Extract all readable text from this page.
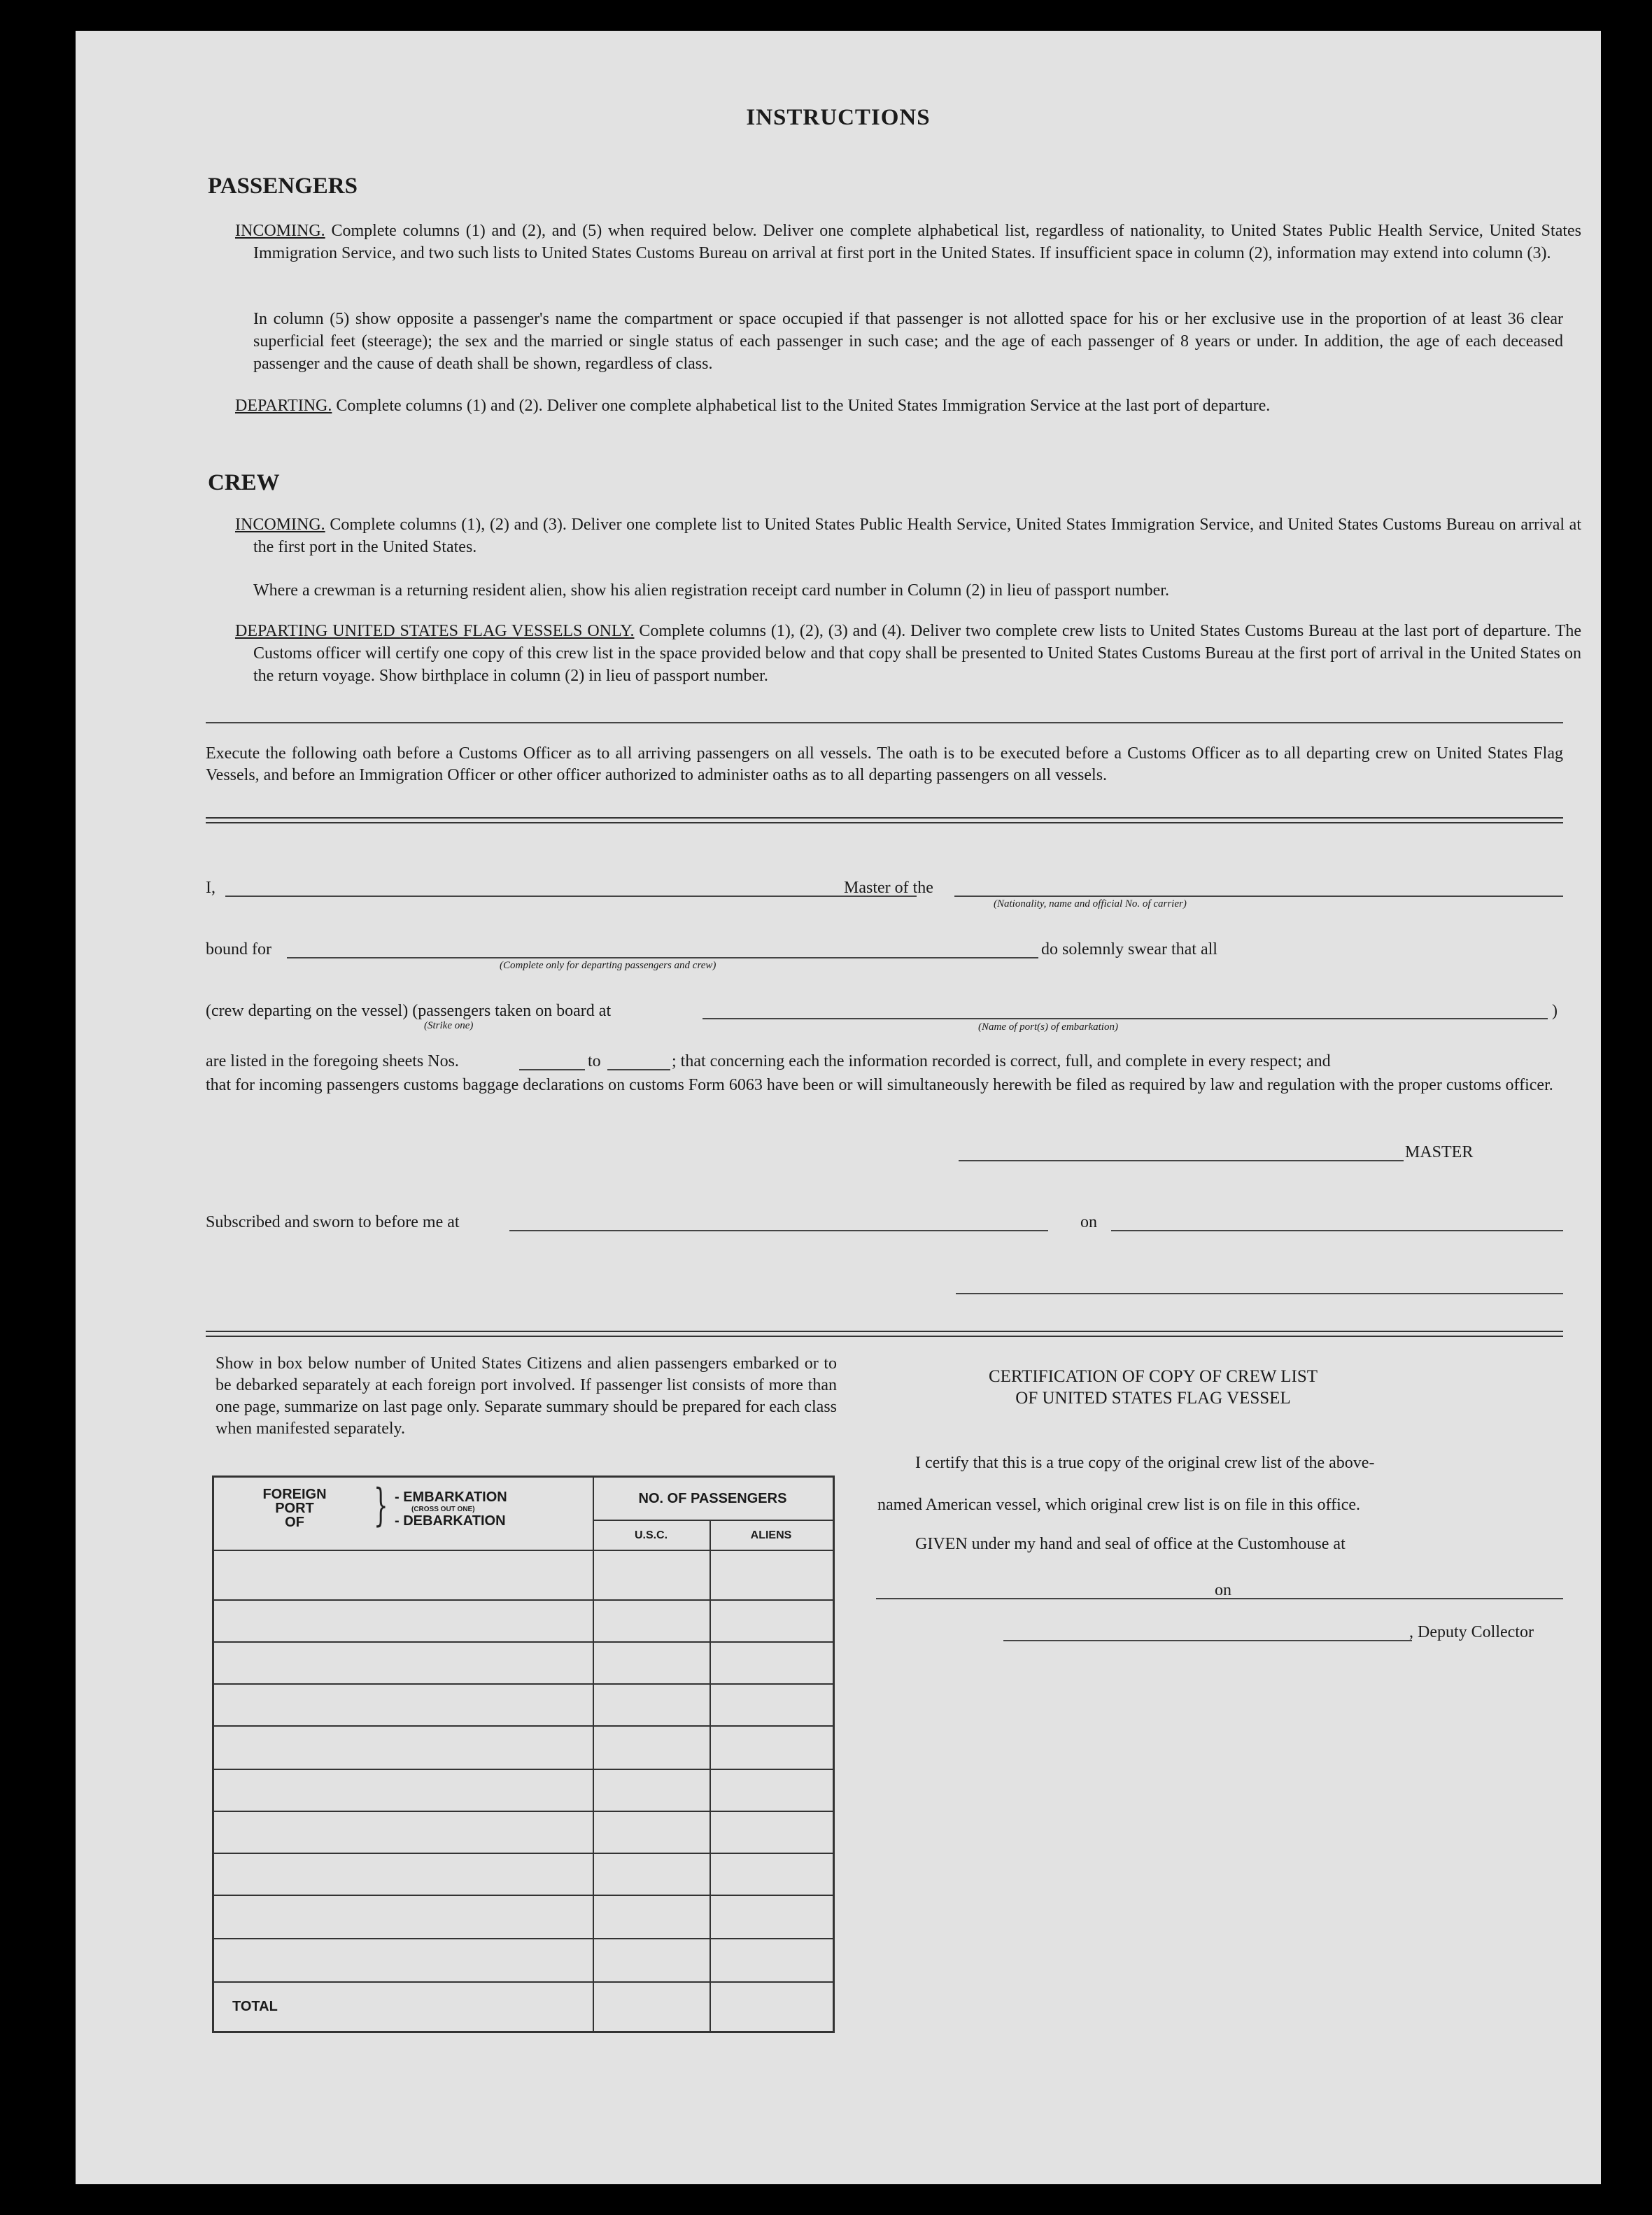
INSTRUCTIONS
PASSENGERS
INCOMING. Complete columns (1) and (2), and (5) when required below. Deliver one complete alphabetical list, regardless of nationality, to United States Public Health Service, United States Immigration Service, and two such lists to United States Customs Bureau on arrival at first port in the United States. If insufficient space in column (2), information may extend into column (3).
In column (5) show opposite a passenger's name the compartment or space occupied if that passenger is not allotted space for his or her exclusive use in the proportion of at least 36 clear superficial feet (steerage); the sex and the married or single status of each passenger in such case; and the age of each passenger of 8 years or under. In addition, the age of each deceased passenger and the cause of death shall be shown, regardless of class.
DEPARTING. Complete columns (1) and (2). Deliver one complete alphabetical list to the United States Immigration Service at the last port of departure.
CREW
INCOMING. Complete columns (1), (2) and (3). Deliver one complete list to United States Public Health Service, United States Immigration Service, and United States Customs Bureau on arrival at the first port in the United States.
Where a crewman is a returning resident alien, show his alien registration receipt card number in Column (2) in lieu of passport number.
DEPARTING UNITED STATES FLAG VESSELS ONLY. Complete columns (1), (2), (3) and (4). Deliver two complete crew lists to United States Customs Bureau at the last port of departure. The Customs officer will certify one copy of this crew list in the space provided below and that copy shall be presented to United States Customs Bureau at the first port of arrival in the United States on the return voyage. Show birthplace in column (2) in lieu of passport number.
Execute the following oath before a Customs Officer as to all arriving passengers on all vessels. The oath is to be executed before a Customs Officer as to all departing crew on United States Flag Vessels, and before an Immigration Officer or other officer authorized to administer oaths as to all departing passengers on all vessels.
I,	Master of the
(Nationality, name and official No. of carrier)
bound for
(Complete only for departing passengers and crew)
do solemnly swear that all
(crew departing on the vessel) (passengers taken on board at
(Strike one)	(Name of port(s) of embarkation)
)
are listed in the foregoing sheets Nos.	to	; that concerning each the information recorded is correct, full, and complete in every respect; and
that for incoming passengers customs baggage declarations on customs Form 6063 have been or will simultaneously herewith be filed as required by law and regulation with the proper customs officer.
MASTER
Subscribed and sworn to before me at	on
Show in box below number of United States Citizens and alien passengers embarked or to be debarked separately at each foreign port involved. If passenger list consists of more than one page, summarize on last page only. Separate summary should be prepared for each class when manifested separately.
FOREIGN
PORT
OF	} - EMBARKATION
(CROSS OUT ONE)
- DEBARKATION
NO. OF PASSENGERS
U.S.C.	ALIENS
TOTAL
CERTIFICATION OF COPY OF CREW LIST
OF UNITED STATES FLAG VESSEL
I certify that this is a true copy of the original crew list of the above-
named American vessel, which original crew list is on file in this office.
GIVEN under my hand and seal of office at the Customhouse at
on
, Deputy Collector
